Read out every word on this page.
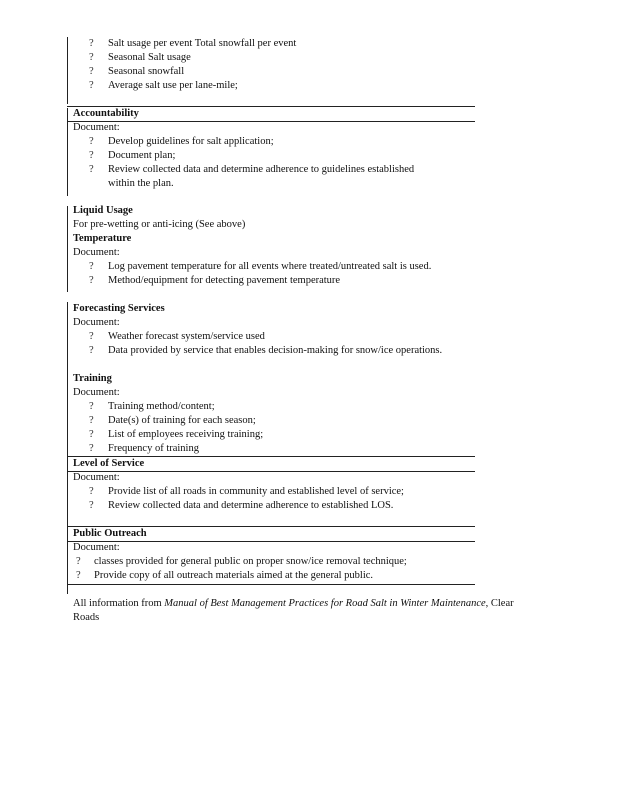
? Salt usage per event Total snowfall per event
? Seasonal Salt usage
? Seasonal snowfall
? Average salt use per lane-mile;
Accountability
Document:
? Develop guidelines for salt application;
? Document plan;
? Review collected data and determine adherence to guidelines established
within the plan.
Liquid Usage
For pre-wetting or anti-icing (See above)
Temperature
Document:
? Log pavement temperature for all events where treated/untreated salt is used.
? Method/equipment for detecting pavement temperature
Forecasting Services
Document:
? Weather forecast system/service used
? Data provided by service that enables decision-making for snow/ice operations.
Training
Document:
? Training method/content;
? Date(s) of training for each season;
? List of employees receiving training;
? Frequency of training
Level of Service
Document:
? Provide list of all roads in community and established level of service;
? Review collected data and determine adherence to established LOS.
Public Outreach
Document:
? classes provided for general public on proper snow/ice removal technique;
? Provide copy of all outreach materials aimed at the general public.
All information from Manual of Best Management Practices for Road Salt in Winter Maintenance, Clear
Roads
